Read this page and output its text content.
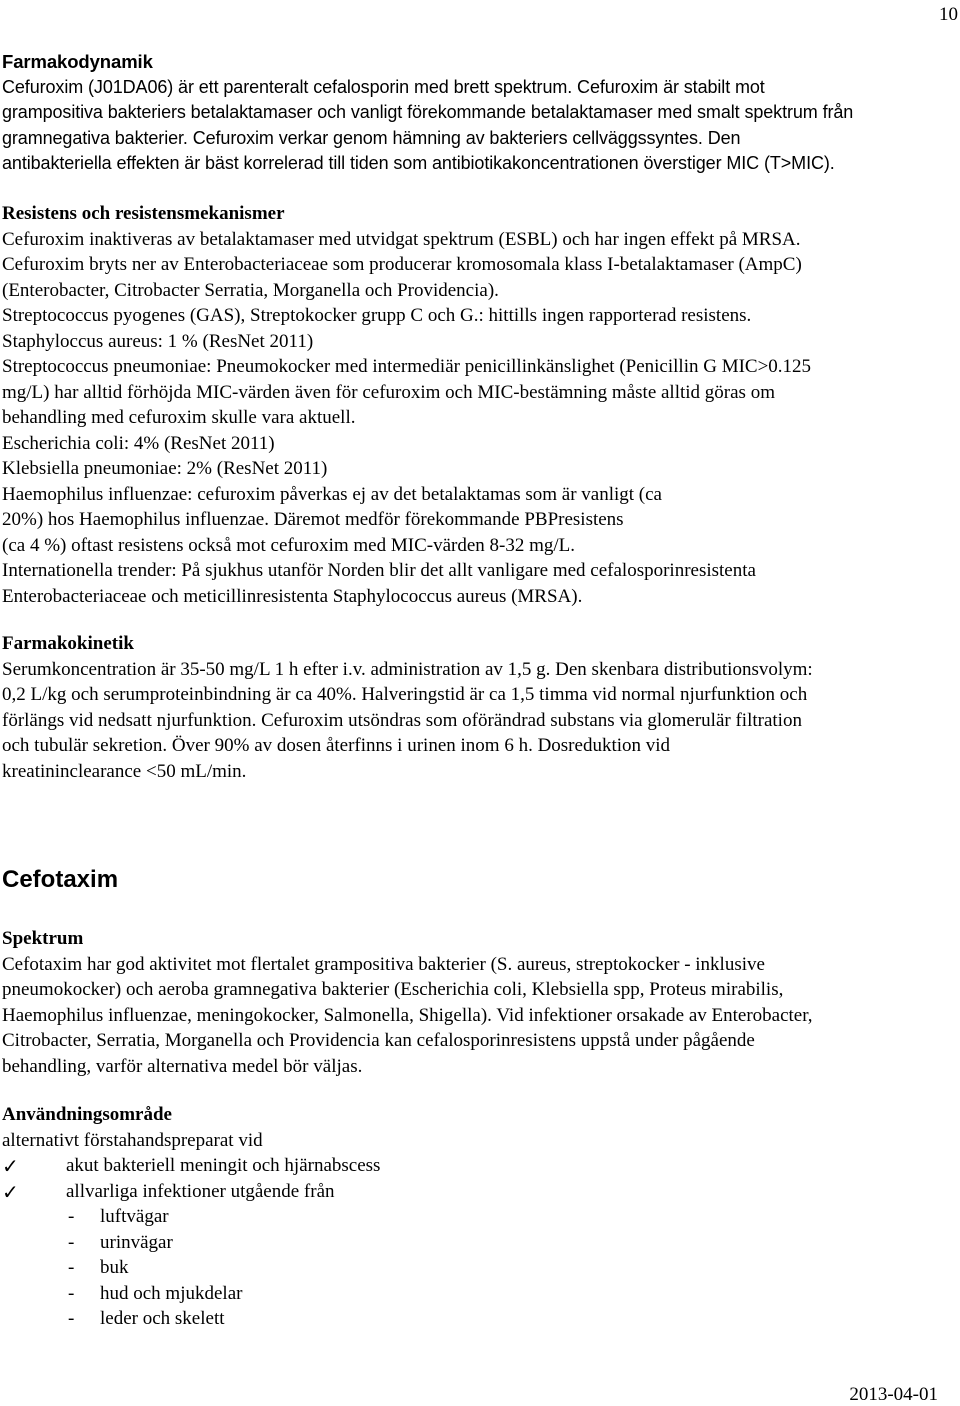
10
Farmakodynamik
Cefuroxim (J01DA06) är ett parenteralt cefalosporin med brett spektrum. Cefuroxim är stabilt mot
grampositiva bakteriers betalaktamaser och vanligt förekommande betalaktamaser med smalt spektrum från
gramnegativa bakterier. Cefuroxim verkar genom hämning av bakteriers cellväggssyntes. Den
antibakteriella effekten är bäst korrelerad till tiden som antibiotikakoncentrationen överstiger MIC (T>MIC).
Resistens och resistensmekanismer
Cefuroxim inaktiveras av betalaktamaser med utvidgat spektrum (ESBL) och har ingen effekt på MRSA.
Cefuroxim bryts ner av Enterobacteriaceae som producerar kromosomala klass I-betalaktamaser (AmpC)
(Enterobacter, Citrobacter Serratia, Morganella och Providencia).
Streptococcus pyogenes (GAS), Streptokocker grupp C och G.: hittills ingen rapporterad resistens.
Staphyloccus aureus: 1 % (ResNet 2011)
Streptococcus pneumoniae: Pneumokocker med intermediär penicillinkänslighet (Penicillin G MIC>0.125
mg/L) har alltid förhöjda MIC-värden även för cefuroxim och MIC-bestämning måste alltid göras om
behandling med cefuroxim skulle vara aktuell.
Escherichia coli: 4% (ResNet 2011)
Klebsiella pneumoniae: 2% (ResNet 2011)
Haemophilus influenzae: cefuroxim påverkas ej av det betalaktamas som är vanligt (ca
20%) hos Haemophilus influenzae. Däremot medför förekommande PBPresistens
(ca 4 %) oftast resistens också mot cefuroxim med MIC-värden 8-32 mg/L.
Internationella trender: På sjukhus utanför Norden blir det allt vanligare med cefalosporinresistenta
Enterobacteriaceae och meticillinresistenta Staphylococcus aureus (MRSA).
Farmakokinetik
Serumkoncentration är 35-50 mg/L 1 h efter i.v. administration av 1,5 g. Den skenbara distributionsvolym:
0,2 L/kg och serumproteinbindning är ca 40%. Halveringstid är ca 1,5 timma vid normal njurfunktion och
förlängs vid nedsatt njurfunktion. Cefuroxim utsöndras som oförändrad substans via glomerulär filtration
och tubulär sekretion. Över 90% av dosen återfinns i urinen inom 6 h. Dosreduktion vid
kreatininclearance <50 mL/min.
Cefotaxim
Spektrum
Cefotaxim har god aktivitet mot flertalet grampositiva bakterier (S. aureus, streptokocker - inklusive
pneumokocker) och aeroba gramnegativa bakterier (Escherichia coli, Klebsiella spp, Proteus mirabilis,
Haemophilus influenzae, meningokocker, Salmonella, Shigella). Vid infektioner orsakade av Enterobacter,
Citrobacter, Serratia, Morganella och Providencia kan cefalosporinresistens uppstå under pågående
behandling, varför alternativa medel bör väljas.
Användningsområde
alternativt förstahandspreparat vid
✓ akut bakteriell meningit och hjärnabscess
✓ allvarliga infektioner utgående från
- luftvägar
- urinvägar
- buk
- hud och mjukdelar
- leder och skelett
2013-04-01
